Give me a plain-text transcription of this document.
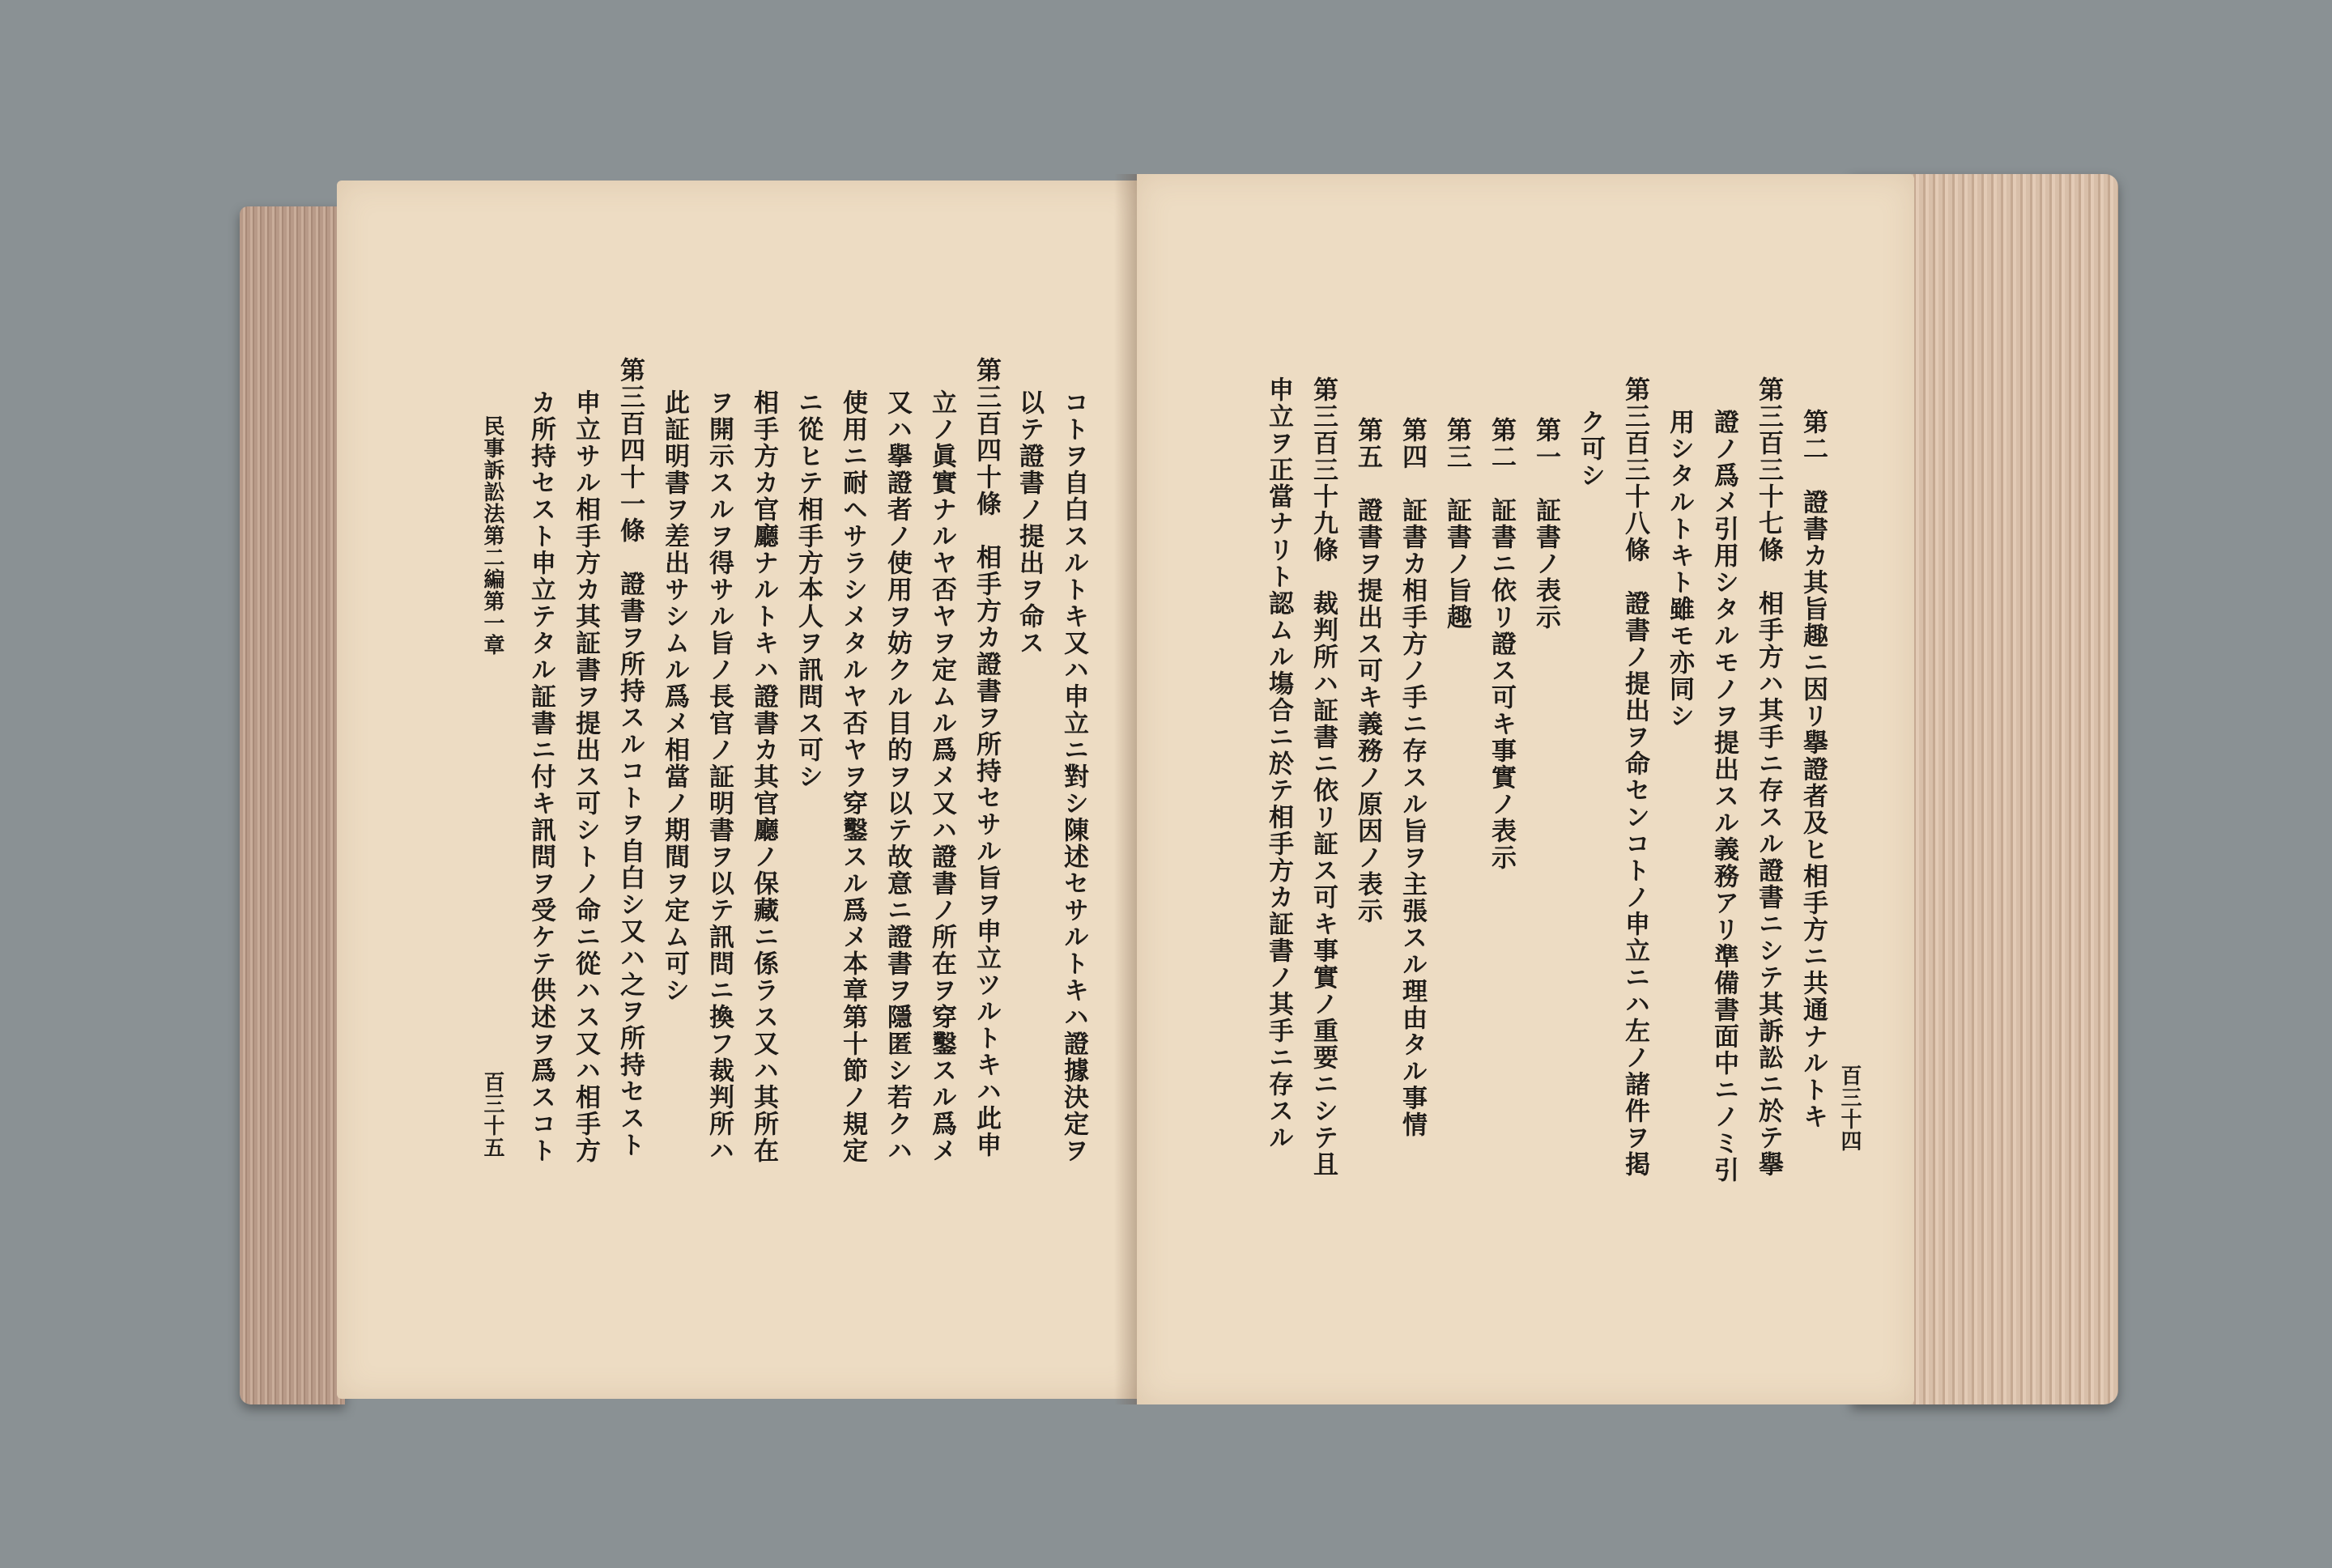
コトヲ自白スルトキ又ハ申立ニ對シ陳述セサルトキハ證據決定ヲ
以テ證書ノ提出ヲ命ス
第三百四十條　相手方カ證書ヲ所持セサル旨ヲ申立ツルトキハ此申
立ノ眞實ナルヤ否ヤヲ定ムル爲メ又ハ證書ノ所在ヲ穿鑿スル爲メ
又ハ擧證者ノ使用ヲ妨クル目的ヲ以テ故意ニ證書ヲ隱匿シ若クハ
使用ニ耐ヘサラシメタルヤ否ヤヲ穿鑿スル爲メ本章第十節ノ規定
ニ從ヒテ相手方本人ヲ訊問ス可シ
相手方カ官廳ナルトキハ證書カ其官廳ノ保藏ニ係ラス又ハ其所在
ヲ開示スルヲ得サル旨ノ長官ノ証明書ヲ以テ訊問ニ換フ裁判所ハ
此証明書ヲ差出サシムル爲メ相當ノ期間ヲ定ム可シ
第三百四十一條　證書ヲ所持スルコトヲ自白シ又ハ之ヲ所持セスト
申立サル相手方カ其証書ヲ提出ス可シトノ命ニ從ハス又ハ相手方
カ所持セスト申立テタル証書ニ付キ訊問ヲ受ケテ供述ヲ爲スコト
民事訴訟法第二編第一章
百三十五	第二　證書カ其旨趣ニ因リ擧證者及ヒ相手方ニ共通ナルトキ
第三百三十七條　相手方ハ其手ニ存スル證書ニシテ其訴訟ニ於テ擧
證ノ爲メ引用シタルモノヲ提出スル義務アリ準備書面中ニノミ引
用シタルトキト雖モ亦同シ
第三百三十八條　證書ノ提出ヲ命センコトノ申立ニハ左ノ諸件ヲ掲
ク可シ
第一　証書ノ表示
第二　証書ニ依リ證ス可キ事實ノ表示
第三　証書ノ旨趣
第四　証書カ相手方ノ手ニ存スル旨ヲ主張スル理由タル事情
第五　證書ヲ提出ス可キ義務ノ原因ノ表示
第三百三十九條　裁判所ハ証書ニ依リ証ス可キ事實ノ重要ニシテ且
申立ヲ正當ナリト認ムル塲合ニ於テ相手方カ証書ノ其手ニ存スル	百三十四
